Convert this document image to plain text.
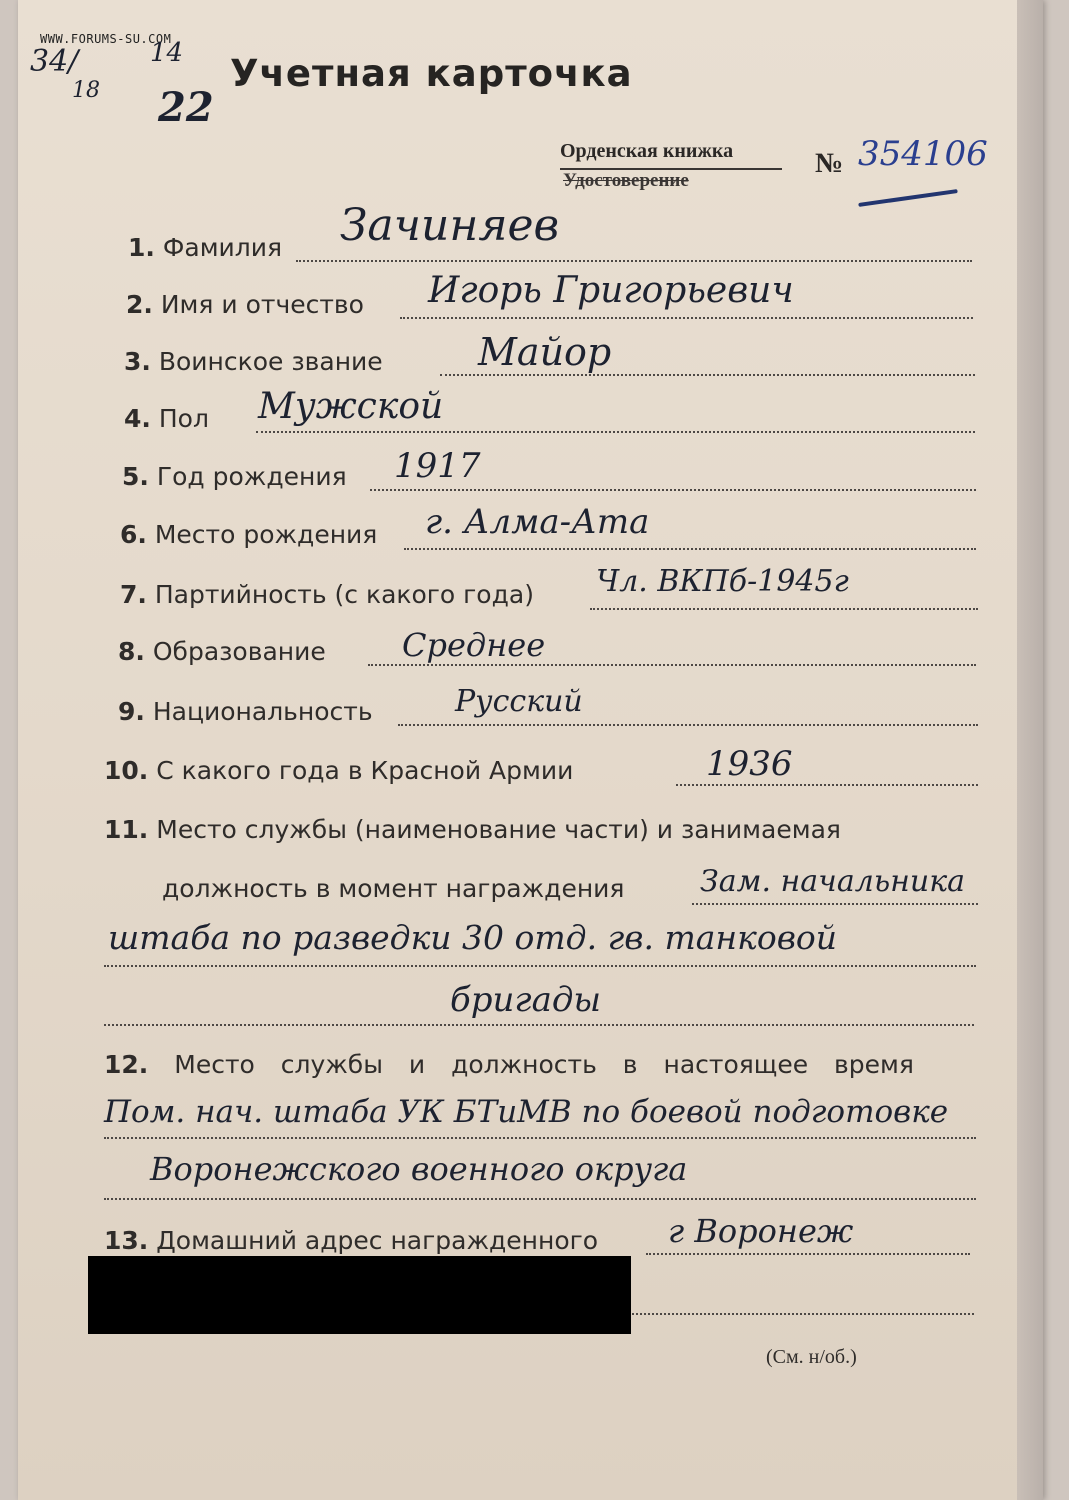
WWW.FORUMS-SU.COM
34/
18
14
22
Учетная карточка
Орденская книжка
Удостоверение
№ 354106
1. Фамилия Зачиняев
2. Имя и отчество Игорь Григорьевич
3. Воинское звание	Майор
4. Пол Мужской
5. Год рождения 1917
6. Место рождения г. Алма-Ата
7. Партийность (с какого года) Чл. ВКПб-1945г
8. Образование Среднее
9. Национальность	Русский
10. С какого года в Красной Армии	1936
11. Место службы (наименование части) и занимаемая
должность в момент награждения	Зам. начальника
штаба по разведки 30 отд. гв. танковой
бригады
12. Место службы и должность в настоящее время
Пом. нач. штаба УК БТиМВ по боевой подготовке
Воронежского военного округа
13. Домашний адрес награжденного г Воронеж
(См. н/об.)
